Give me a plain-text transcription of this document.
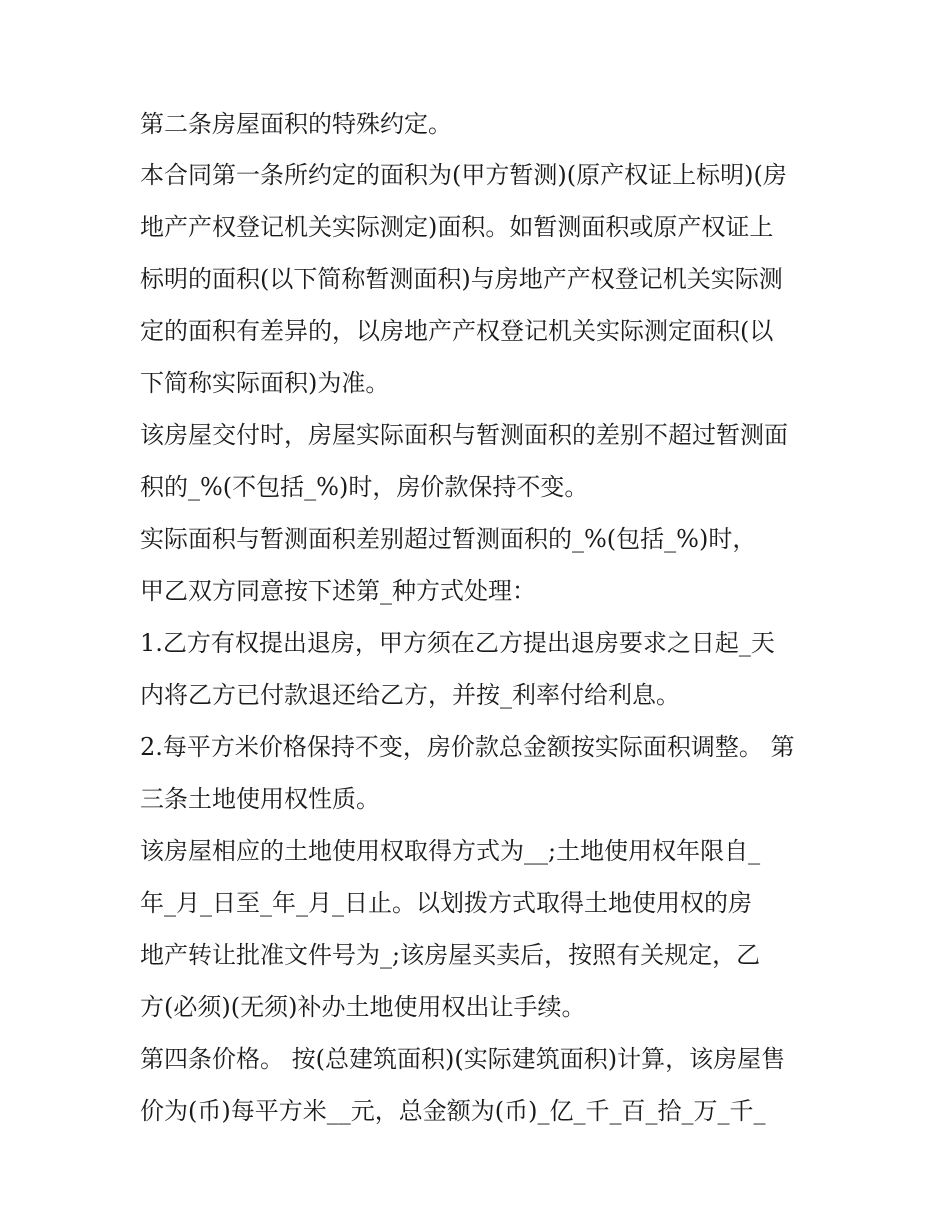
第二条房屋面积的特殊约定。
本合同第一条所约定的面积为(甲方暂测)(原产权证上标明)(房
地产产权登记机关实际测定)面积。如暂测面积或原产权证上
标明的面积(以下简称暂测面积)与房地产产权登记机关实际测
定的面积有差异的，以房地产产权登记机关实际测定面积(以
下简称实际面积)为准。
该房屋交付时，房屋实际面积与暂测面积的差别不超过暂测面
积的_%(不包括_%)时，房价款保持不变。
实际面积与暂测面积差别超过暂测面积的_%(包括_%)时，
甲乙双方同意按下述第_种方式处理：
1.乙方有权提出退房，甲方须在乙方提出退房要求之日起_天
内将乙方已付款退还给乙方，并按_利率付给利息。
2.每平方米价格保持不变，房价款总金额按实际面积调整。 第
三条土地使用权性质。
该房屋相应的土地使用权取得方式为__;土地使用权年限自_
年_月_日至_年_月_日止。以划拨方式取得土地使用权的房
地产转让批准文件号为_;该房屋买卖后，按照有关规定，乙
方(必须)(无须)补办土地使用权出让手续。
第四条价格。 按(总建筑面积)(实际建筑面积)计算，该房屋售
价为(币)每平方米__元，总金额为(币)_亿_千_百_拾_万_千_
